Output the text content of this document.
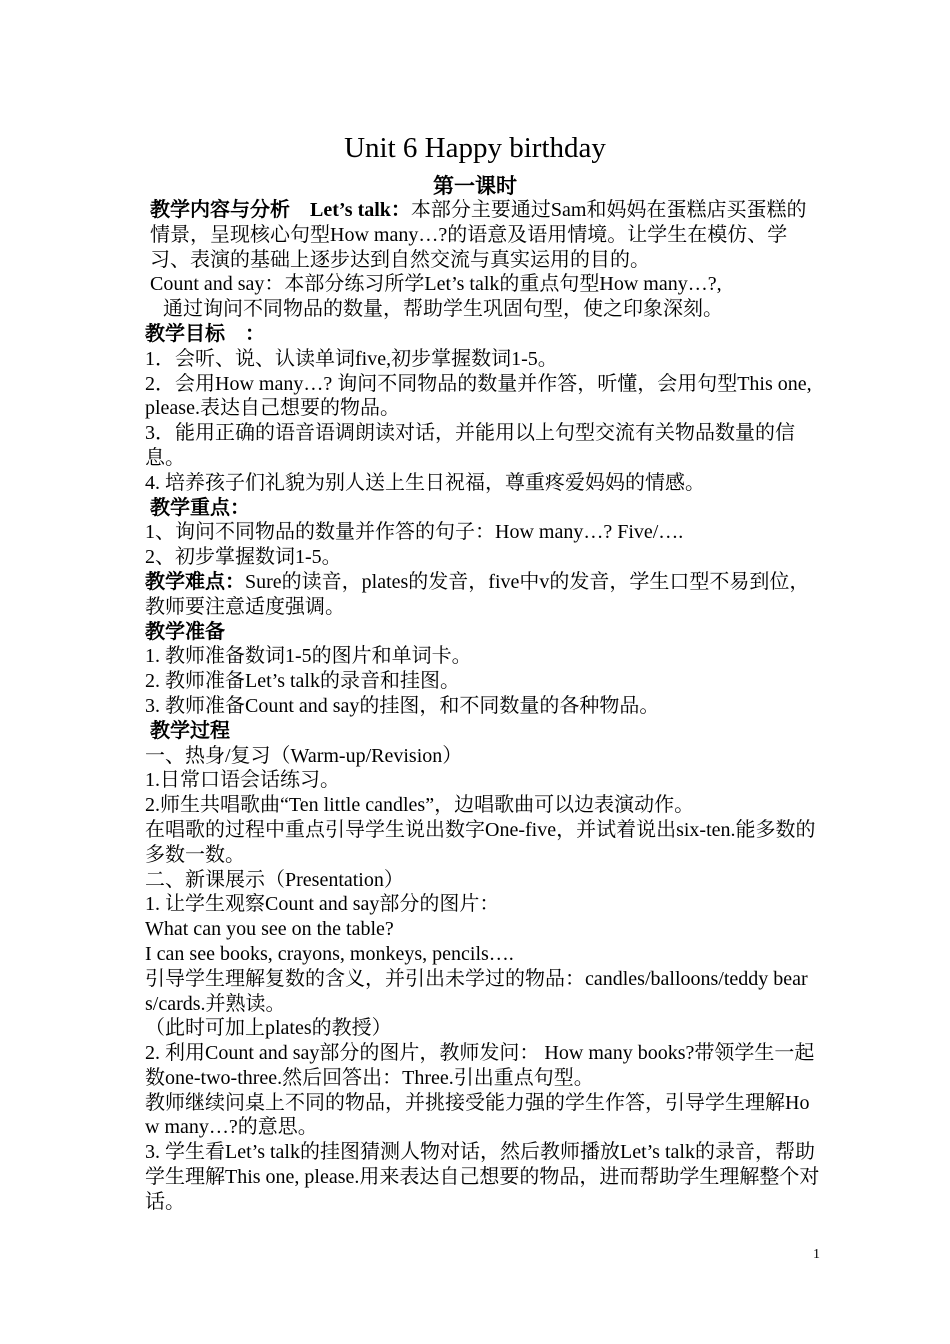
Unit 6 Happy birthday
第一课时

教学内容与分析 Let’s talk：本部分主要通过Sam和妈妈在蛋糕店买蛋糕的情景，呈现核心句型How many…?的语意及语用情境。让学生在模仿、学习、表演的基础上逐步达到自然交流与真实运用的目的。

Count and say：本部分练习所学Let’s talk的重点句型How many…?,

通过询问不同物品的数量，帮助学生巩固句型，使之印象深刻。

教学目标 ：

1．会听、说、认读单词five,初步掌握数词1-5。

2．会用How many…? 询问不同物品的数量并作答，听懂，会用句型This one, please.表达自己想要的物品。

3．能用正确的语音语调朗读对话，并能用以上句型交流有关物品数量的信息。

4. 培养孩子们礼貌为别人送上生日祝福，尊重疼爱妈妈的情感。

教学重点：

1、询问不同物品的数量并作答的句子：How many…? Five/….

2、初步掌握数词1-5。

教学难点：Sure的读音，plates的发音，five中v的发音，学生口型不易到位，教师要注意适度强调。

教学准备

1. 教师准备数词1-5的图片和单词卡。

2. 教师准备Let’s talk的录音和挂图。

3. 教师准备Count and say的挂图，和不同数量的各种物品。

教学过程

一、热身/复习（Warm-up/Revision）

1.日常口语会话练习。

2.师生共唱歌曲“Ten little candles”，边唱歌曲可以边表演动作。

在唱歌的过程中重点引导学生说出数字One-five，并试着说出six-ten.能多数的多数一数。

二、新课展示（Presentation）

1. 让学生观察Count and say部分的图片：

What can you see on the table?

I can see books, crayons, monkeys, pencils….

引导学生理解复数的含义，并引出未学过的物品：candles/balloons/teddy bears/cards.并熟读。

（此时可加上plates的教授）

2. 利用Count and say部分的图片，教师发问： How many books?带领学生一起数one-two-three.然后回答出：Three.引出重点句型。

教师继续问桌上不同的物品，并挑接受能力强的学生作答，引导学生理解How many…?的意思。

3. 学生看Let’s talk的挂图猜测人物对话，然后教师播放Let’s talk的录音，帮助学生理解This one, please.用来表达自己想要的物品，进而帮助学生理解整个对话。

1
